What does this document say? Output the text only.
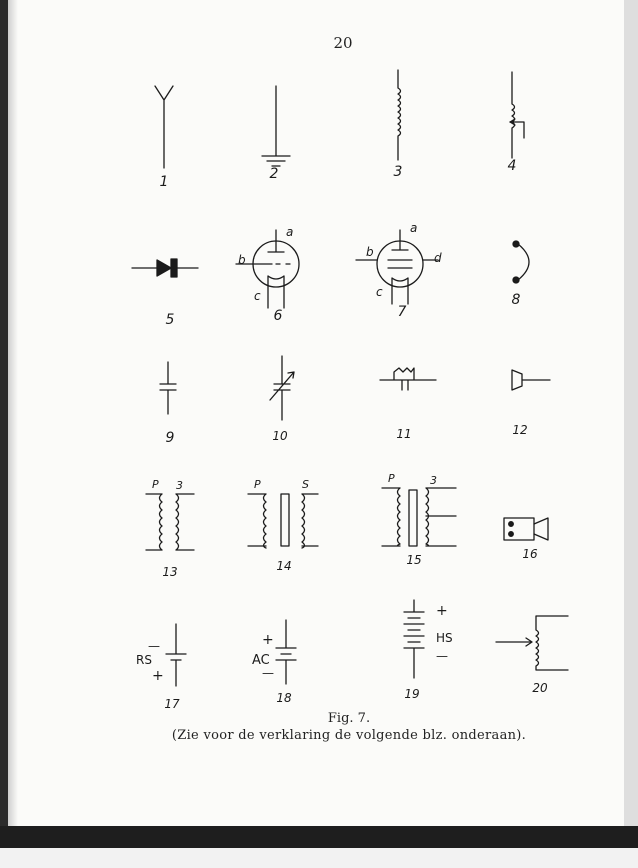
20
1	2	3	4
5	6	7
8
9	10	11	12
13	14	15	16
17	18	19	20
a
b
c
a
b	d
c
P 3	P	S	P	3
—
RS
+
+
AC
—
+
HS
—
Fig. 7.
(Zie voor de verklaring de volgende blz. onderaan).
